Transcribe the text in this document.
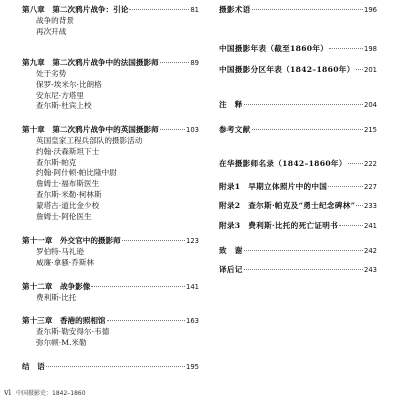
第八章　第二次鸦片战争：引论	81
战争的背景
再次开战
第九章　第二次鸦片战争中的法国摄影师	89
处于劣势
保罗-埃米尔·比朗格
安东尼·方塔里
查尔斯·杜宾上校
第十章　第二次鸦片战争中的英国摄影师	103
英国皇家工程兵部队的摄影活动
约翰·沃森斯坦下士
查尔斯·帕克
约翰·阿什顿·帕比隆中尉
詹姆士·福布斯医生
查尔斯·米勒·柯林斯
蒙塔古·道比金少校
詹姆士·阿伦医生
第十一章　外交官中的摄影师	123
罗伯特·马礼逊
威廉·拿骚·乔斯林
第十二章　战争影像	141
费利斯·比托
第十三章　香港的照相馆	163
查尔斯·勒安得尔·韦德
弥尔顿·M.米勒
结　语	195
摄影术语	196
中国摄影年表（截至1860年）	198
中国摄影分区年表（1842–1860年） 201
注　释	204
参考文献	215
在华摄影师名录（1842–1860年）	222
附录1　早期立体照片中的中国	227
附录2　查尔斯·帕克及“勇士纪念碑林” 233
附录3　费利斯·比托的死亡证明书	241
致　谢	242
译后记	243
vi 中国摄影史：1842–1860
